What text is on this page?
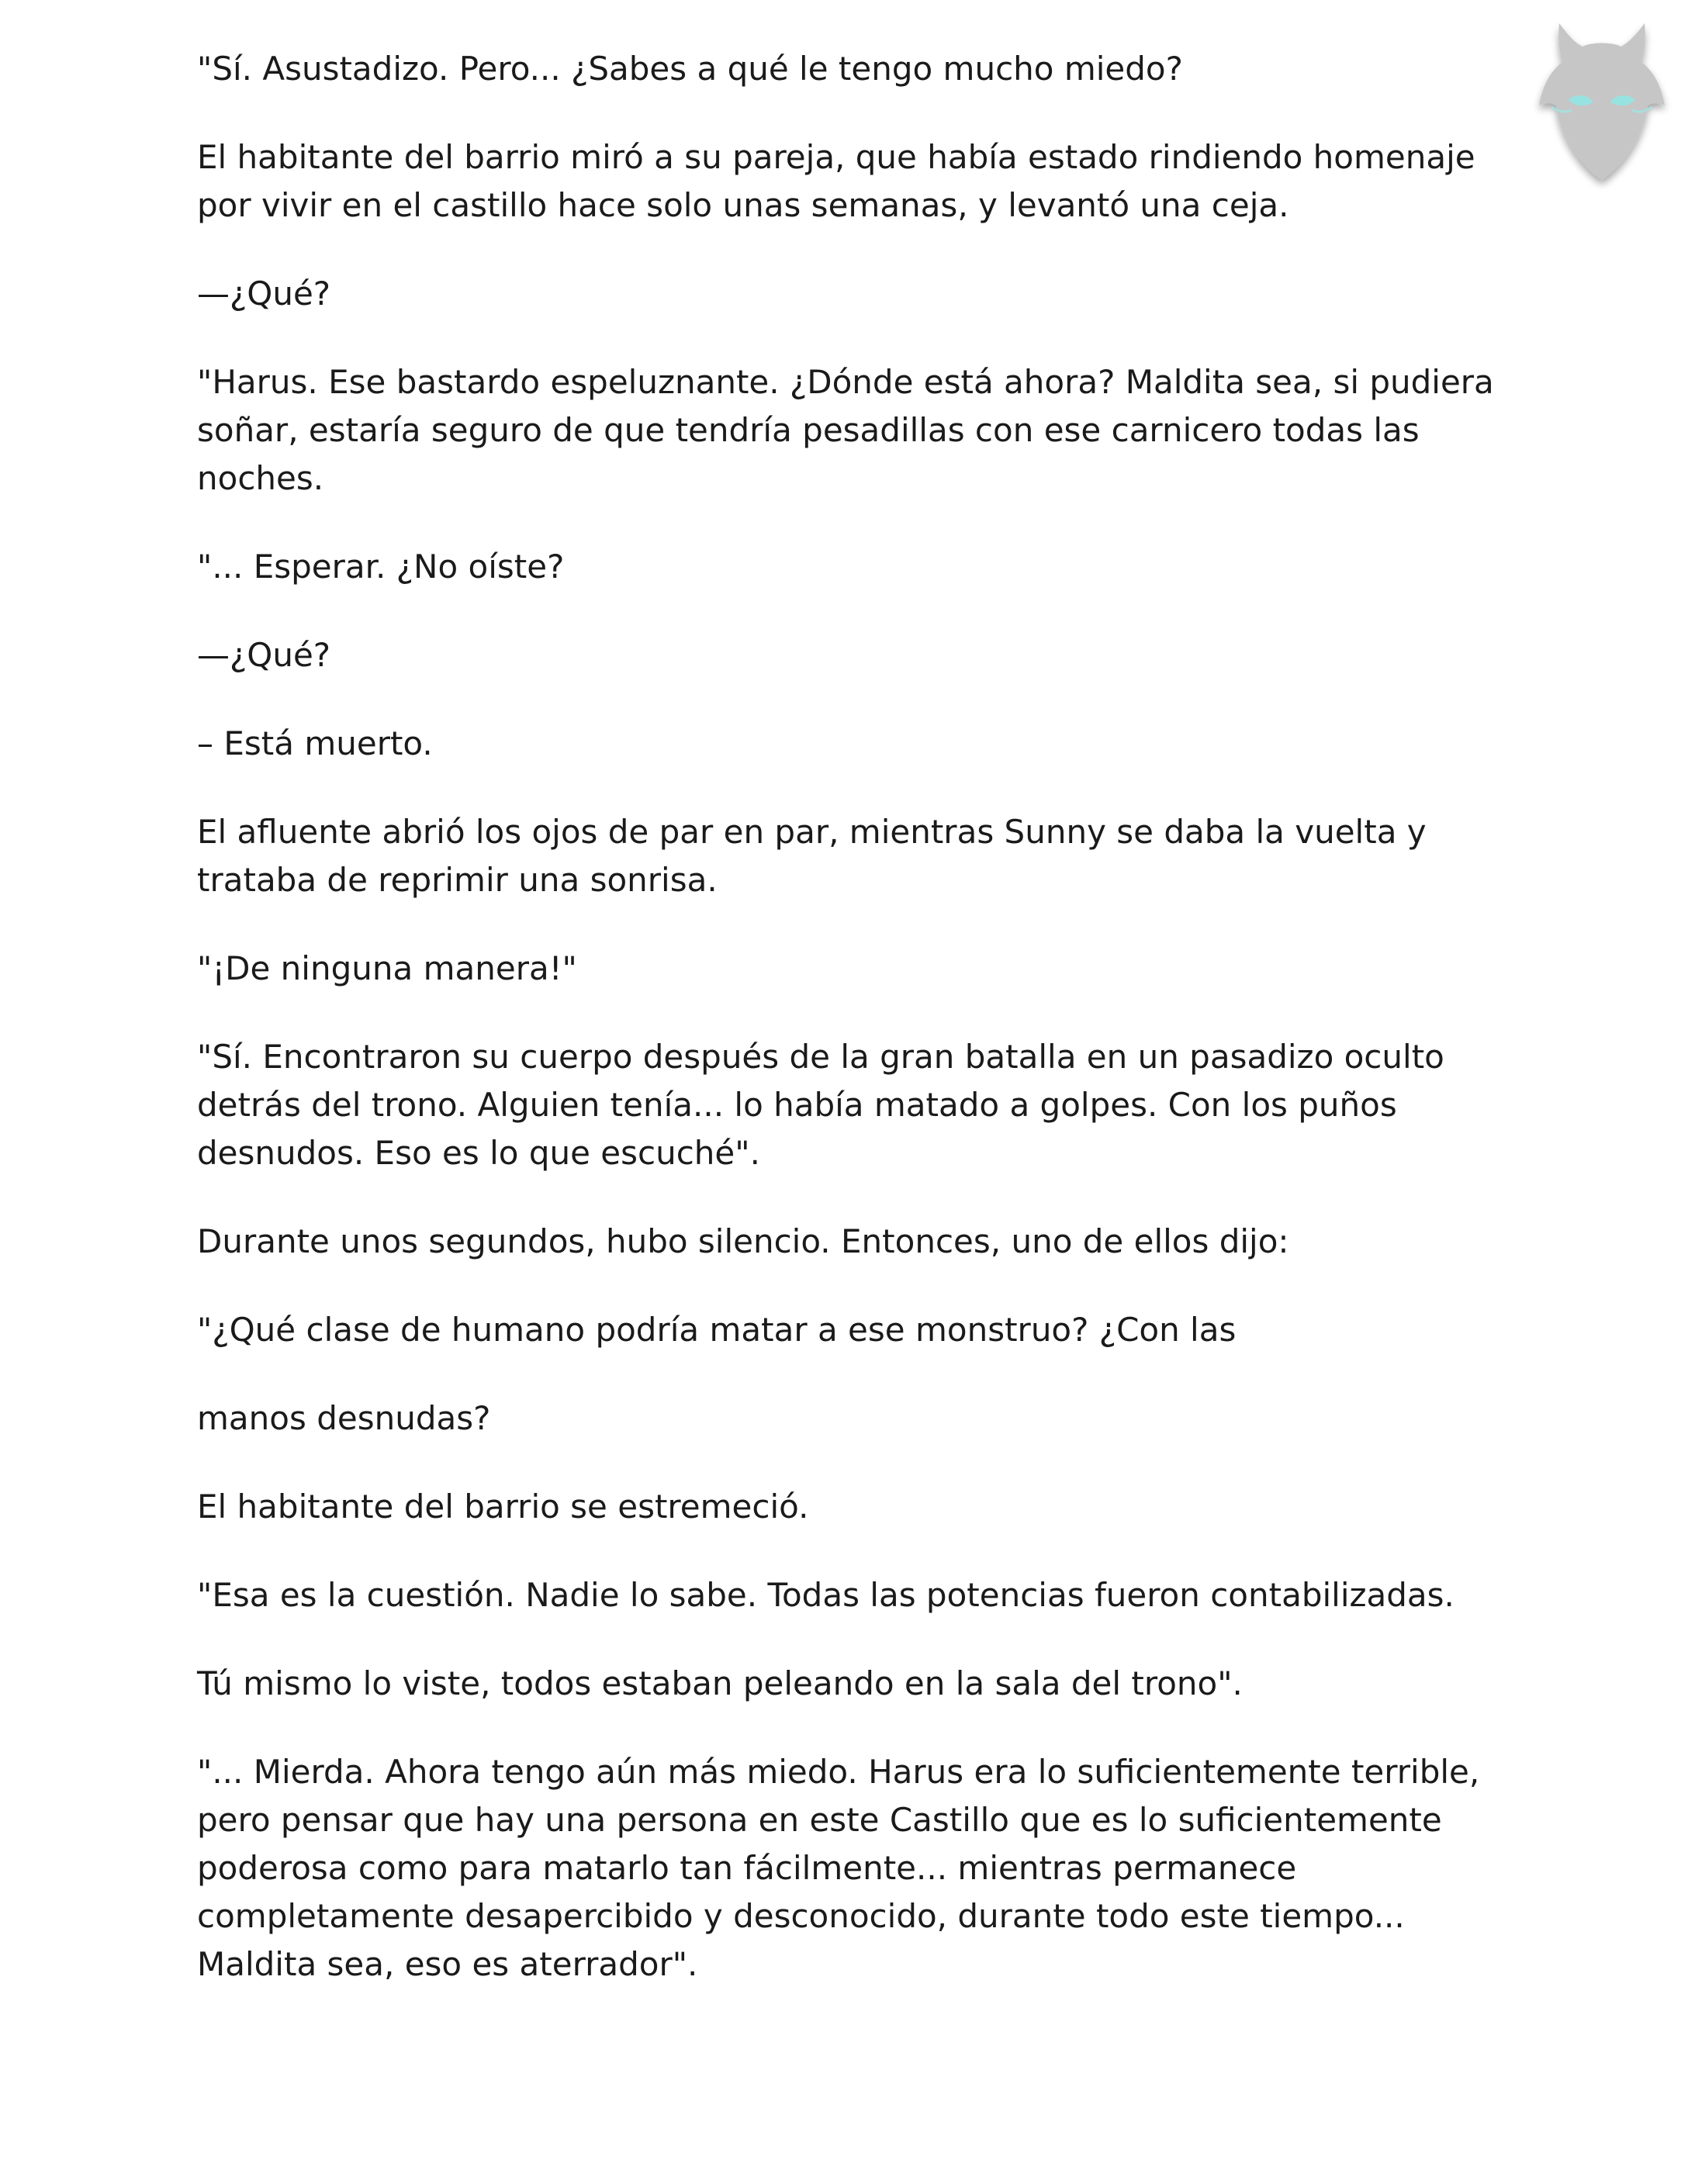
"Sí. Asustadizo. Pero... ¿Sabes a qué le tengo mucho miedo?

El habitante del barrio miró a su pareja, que había estado rindiendo homenaje por vivir en el castillo hace solo unas semanas, y levantó una ceja.

—¿Qué?

"Harus. Ese bastardo espeluznante. ¿Dónde está ahora? Maldita sea, si pudiera soñar, estaría seguro de que tendría pesadillas con ese carnicero todas las noches.

"... Esperar. ¿No oíste?

—¿Qué?

– Está muerto.

El afluente abrió los ojos de par en par, mientras Sunny se daba la vuelta y trataba de reprimir una sonrisa.

"¡De ninguna manera!"

"Sí. Encontraron su cuerpo después de la gran batalla en un pasadizo oculto detrás del trono. Alguien tenía... lo había matado a golpes. Con los puños desnudos. Eso es lo que escuché".

Durante unos segundos, hubo silencio. Entonces, uno de ellos dijo:

"¿Qué clase de humano podría matar a ese monstruo? ¿Con las

manos desnudas?

El habitante del barrio se estremeció.

"Esa es la cuestión. Nadie lo sabe. Todas las potencias fueron contabilizadas.

Tú mismo lo viste, todos estaban peleando en la sala del trono".

"... Mierda. Ahora tengo aún más miedo. Harus era lo suficientemente terrible, pero pensar que hay una persona en este Castillo que es lo suficientemente poderosa como para matarlo tan fácilmente... mientras permanece completamente desapercibido y desconocido, durante todo este tiempo... Maldita sea, eso es aterrador".
